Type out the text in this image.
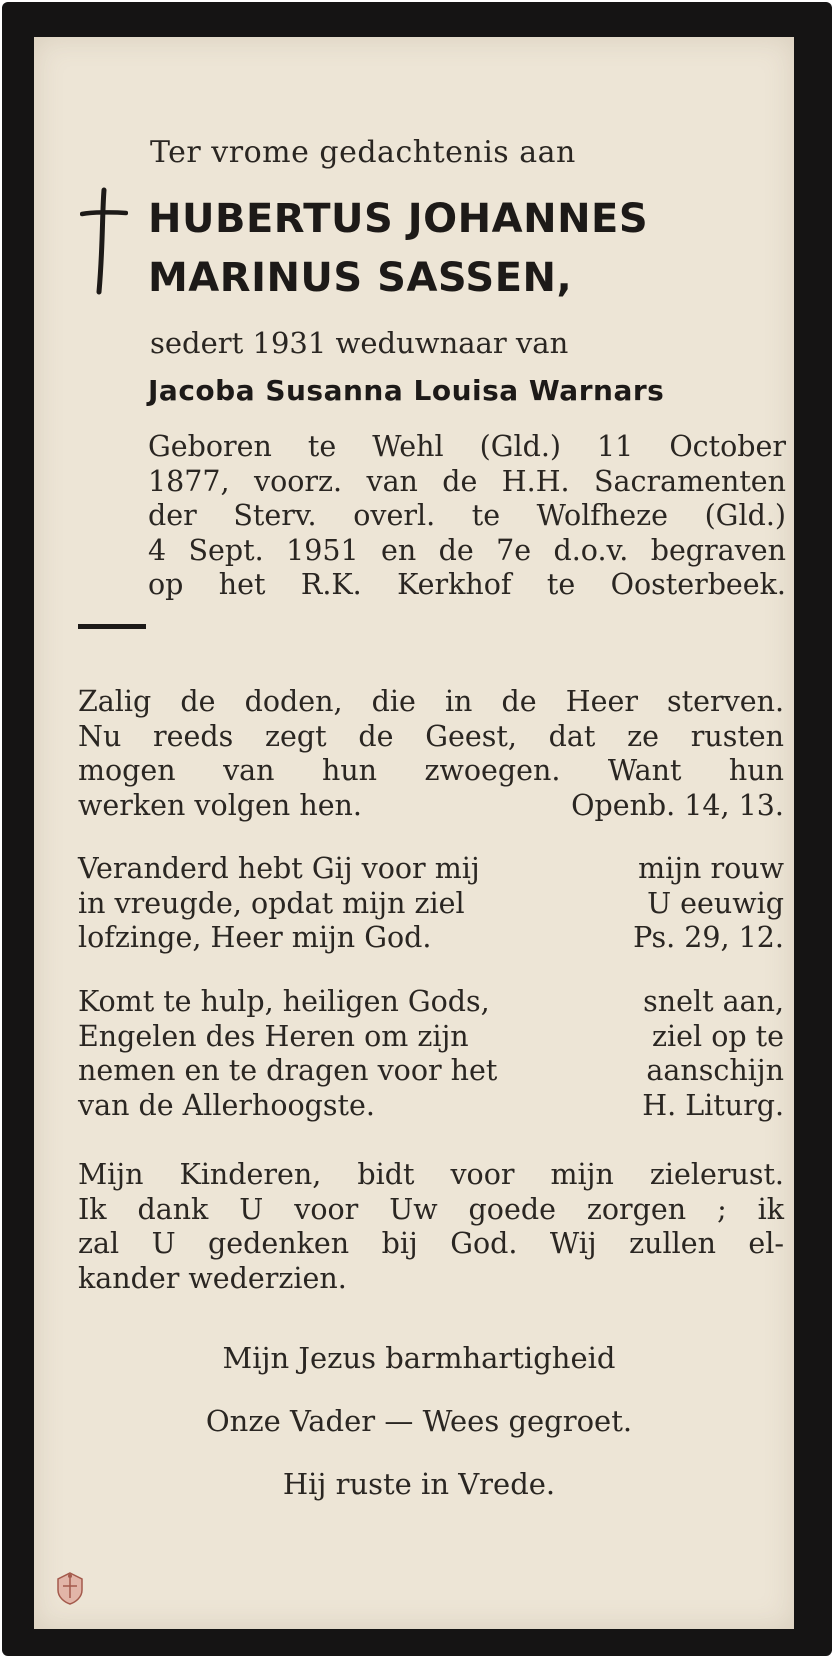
Ter vrome gedachtenis aan
HUBERTUS JOHANNES
MARINUS SASSEN,
sedert 1931 weduwnaar van
Jacoba Susanna Louisa Warnars
Geboren te Wehl (Gld.) 11 October
1877, voorz. van de H.H. Sacramenten
der Sterv. overl. te Wolfheze (Gld.)
4 Sept. 1951 en de 7e d.o.v. begraven
op het R.K. Kerkhof te Oosterbeek.
Zalig de doden, die in de Heer sterven.
Nu reeds zegt de Geest, dat ze rusten
mogen van hun zwoegen. Want hun
werken volgen hen.	Openb. 14, 13.
Veranderd hebt Gij voor mij	mijn rouw
in vreugde, opdat mijn ziel	U eeuwig
lofzinge, Heer mijn God.	Ps. 29, 12.
Komt te hulp, heiligen Gods,	snelt aan,
Engelen des Heren om zijn	ziel op te
nemen en te dragen voor het	aanschijn
van de Allerhoogste.	H. Liturg.
Mijn Kinderen, bidt voor mijn zielerust.
Ik dank U voor Uw goede zorgen ; ik
zal U gedenken bij God. Wij zullen el-
kander wederzien.
Mijn Jezus barmhartigheid
Onze Vader — Wees gegroet.
Hij ruste in Vrede.
